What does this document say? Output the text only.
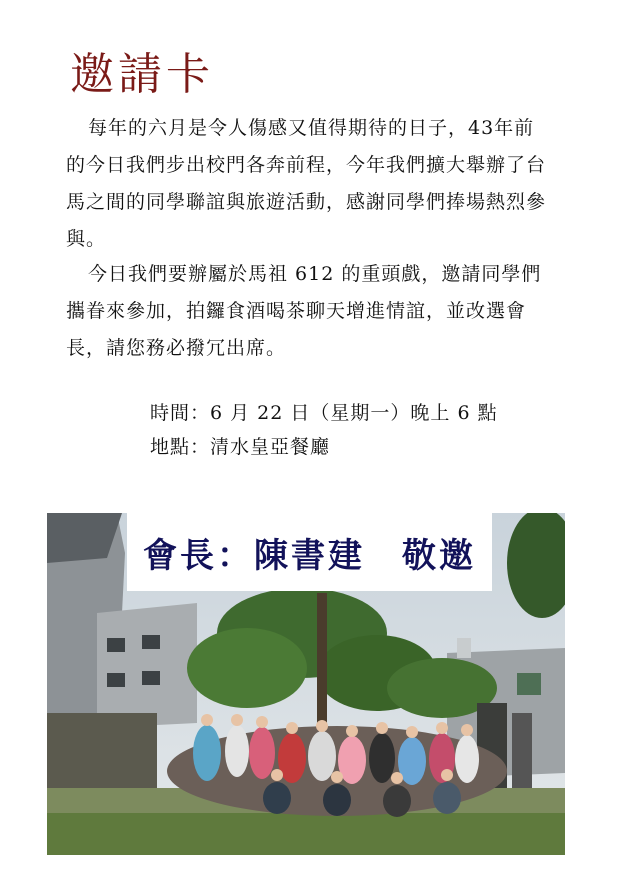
邀請卡
每年的六月是令人傷感又值得期待的日子，43年前的今日我們步出校門各奔前程，今年我們擴大舉辦了台馬之間的同學聯誼與旅遊活動，感謝同學們捧場熱烈參與。
今日我們要辦屬於馬祖 612 的重頭戲，邀請同學們攜眷來參加，拍鑼食酒喝茶聊天增進情誼，並改選會長，請您務必撥冗出席。
時間：6 月 22 日（星期一）晚上 6 點
地點：清水皇亞餐廳
會長：陳書建　敬邀
